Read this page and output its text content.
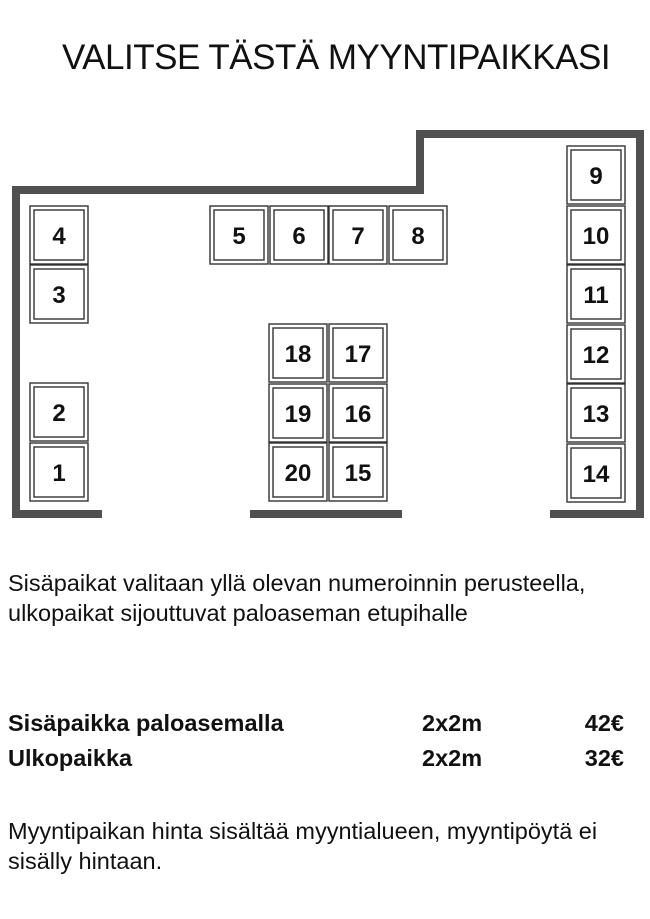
VALITSE TÄSTÄ MYYNTIPAIKKASI
1
2
3
4	5 6 7 8
9
10
11
12
13
14
15
16
17
18
19
20

Sisäpaikat valitaan yllä olevan numeroinnin perusteella, ulkopaikat sijouttuvat paloaseman etupihalle

Sisäpaikka paloasemalla	2x2m	42€
Ulkopaikka	2x2m	32€

Myyntipaikan hinta sisältää myyntialueen, myyntipöytä ei sisälly hintaan.
